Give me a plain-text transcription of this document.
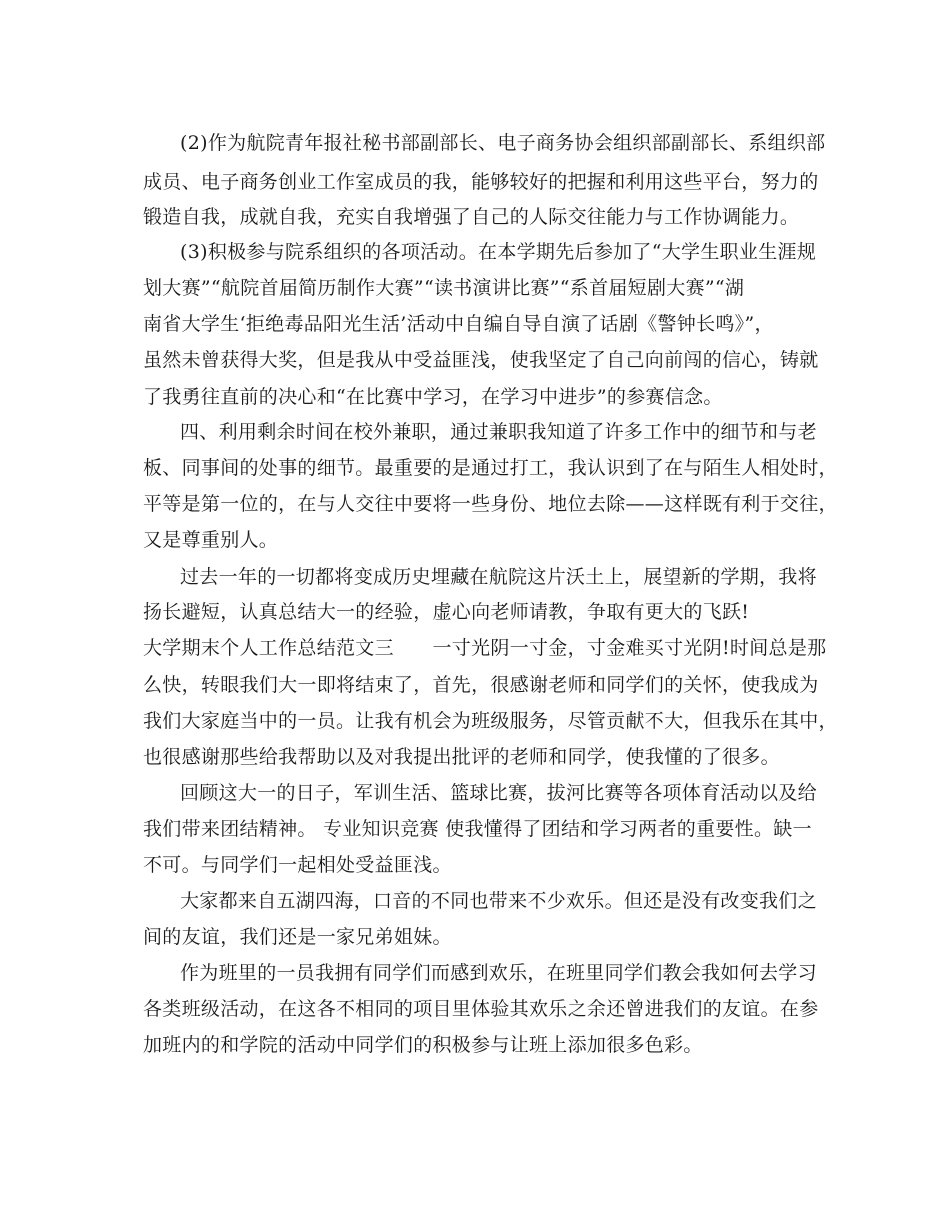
(2)作为航院青年报社秘书部副部长、电子商务协会组织部副部长、系组织部
成员、电子商务创业工作室成员的我，能够较好的把握和利用这些平台，努力的
锻造自我，成就自我，充实自我增强了自己的人际交往能力与工作协调能力。
(3)积极参与院系组织的各项活动。在本学期先后参加了“大学生职业生涯规
划大赛”“航院首届简历制作大赛”“读书演讲比赛”“系首届短剧大赛”“湖
南省大学生‘拒绝毒品阳光生活’活动中自编自导自演了话剧《警钟长鸣》”，
虽然未曾获得大奖，但是我从中受益匪浅，使我坚定了自己向前闯的信心，铸就
了我勇往直前的决心和“在比赛中学习，在学习中进步”的参赛信念。
四、利用剩余时间在校外兼职，通过兼职我知道了许多工作中的细节和与老
板、同事间的处事的细节。最重要的是通过打工，我认识到了在与陌生人相处时，
平等是第一位的，在与人交往中要将一些身份、地位去除——这样既有利于交往，
又是尊重别人。
过去一年的一切都将变成历史埋藏在航院这片沃土上，展望新的学期，我将
扬长避短，认真总结大一的经验，虚心向老师请教，争取有更大的飞跃!
大学期末个人工作总结范文三　　一寸光阴一寸金，寸金难买寸光阴!时间总是那
么快，转眼我们大一即将结束了，首先，很感谢老师和同学们的关怀，使我成为
我们大家庭当中的一员。让我有机会为班级服务，尽管贡献不大，但我乐在其中，
也很感谢那些给我帮助以及对我提出批评的老师和同学，使我懂的了很多。
回顾这大一的日子，军训生活、篮球比赛，拔河比赛等各项体育活动以及给
我们带来团结精神。 专业知识竞赛 使我懂得了团结和学习两者的重要性。缺一
不可。与同学们一起相处受益匪浅。
大家都来自五湖四海，口音的不同也带来不少欢乐。但还是没有改变我们之
间的友谊，我们还是一家兄弟姐妹。
作为班里的一员我拥有同学们而感到欢乐，在班里同学们教会我如何去学习
各类班级活动，在这各不相同的项目里体验其欢乐之余还曾进我们的友谊。在参
加班内的和学院的活动中同学们的积极参与让班上添加很多色彩。
